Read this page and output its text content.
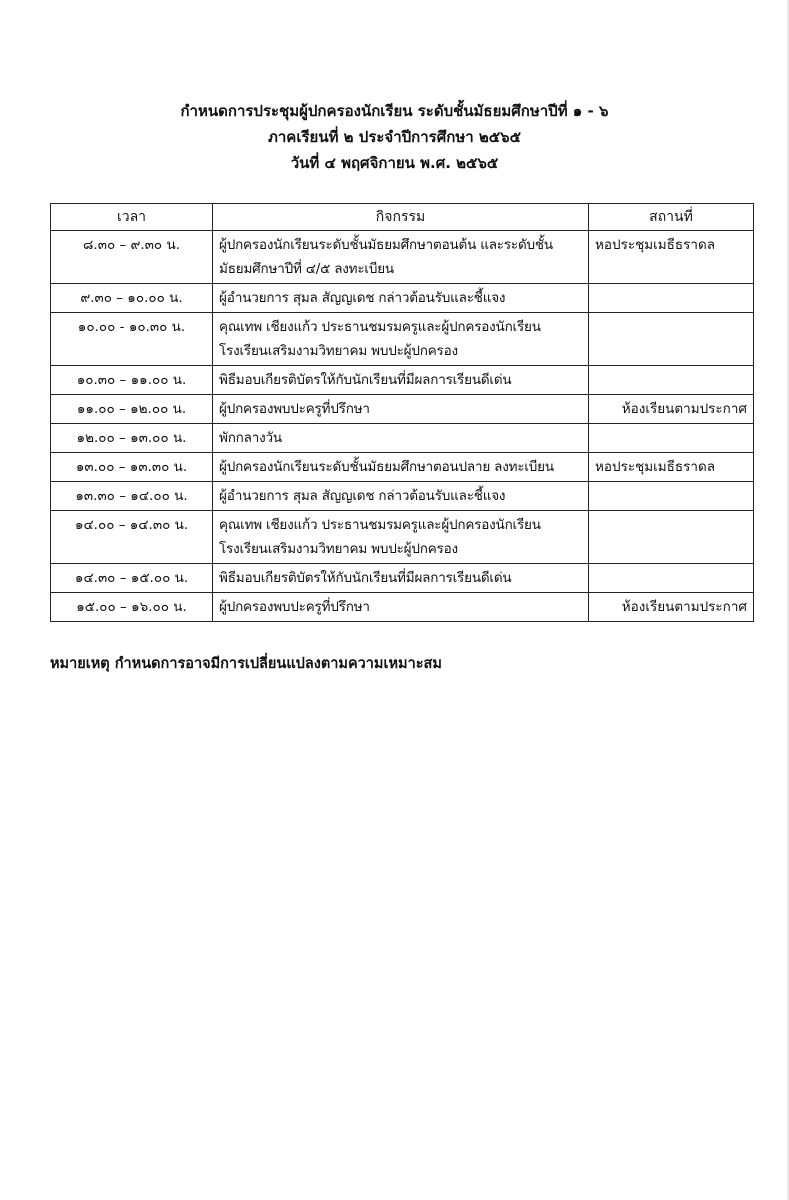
กำหนดการประชุมผู้ปกครองนักเรียน ระดับชั้นมัธยมศึกษาปีที่ ๑ - ๖
ภาคเรียนที่ ๒ ประจำปีการศึกษา ๒๕๖๕
วันที่ ๔ พฤศจิกายน พ.ศ. ๒๕๖๕
เวลา	กิจกรรม	สถานที่
๘.๓๐ – ๙.๓๐ น.	ผู้ปกครองนักเรียนระดับชั้นมัธยมศึกษาตอนต้น และระดับชั้นมัธยมศึกษาปีที่ ๔/๕ ลงทะเบียน	หอประชุมเมธีธราดล
๙.๓๐ – ๑๐.๐๐ น.	ผู้อำนวยการ สุมล สัญญเดช กล่าวต้อนรับและชี้แจง	
๑๐.๐๐ - ๑๐.๓๐ น.	คุณเทพ เชียงแก้ว ประธานชมรมครูและผู้ปกครองนักเรียนโรงเรียนเสริมงามวิทยาคม พบปะผู้ปกครอง	
๑๐.๓๐ – ๑๑.๐๐ น.	พิธีมอบเกียรติบัตรให้กับนักเรียนที่มีผลการเรียนดีเด่น	
๑๑.๐๐ – ๑๒.๐๐ น.	ผู้ปกครองพบปะครูที่ปรึกษา	ห้องเรียนตามประกาศ
๑๒.๐๐ – ๑๓.๐๐ น.	พักกลางวัน	
๑๓.๐๐ – ๑๓.๓๐ น.	ผู้ปกครองนักเรียนระดับชั้นมัธยมศึกษาตอนปลาย ลงทะเบียน	หอประชุมเมธีธราดล
๑๓.๓๐ – ๑๔.๐๐ น.	ผู้อำนวยการ สุมล สัญญเดช กล่าวต้อนรับและชี้แจง	
๑๔.๐๐ – ๑๔.๓๐ น.	คุณเทพ เชียงแก้ว ประธานชมรมครูและผู้ปกครองนักเรียนโรงเรียนเสริมงามวิทยาคม พบปะผู้ปกครอง	
๑๔.๓๐ – ๑๕.๐๐ น.	พิธีมอบเกียรติบัตรให้กับนักเรียนที่มีผลการเรียนดีเด่น	
๑๕.๐๐ – ๑๖.๐๐ น.	ผู้ปกครองพบปะครูที่ปรึกษา	ห้องเรียนตามประกาศ
หมายเหตุ กำหนดการอาจมีการเปลี่ยนแปลงตามความเหมาะสม
